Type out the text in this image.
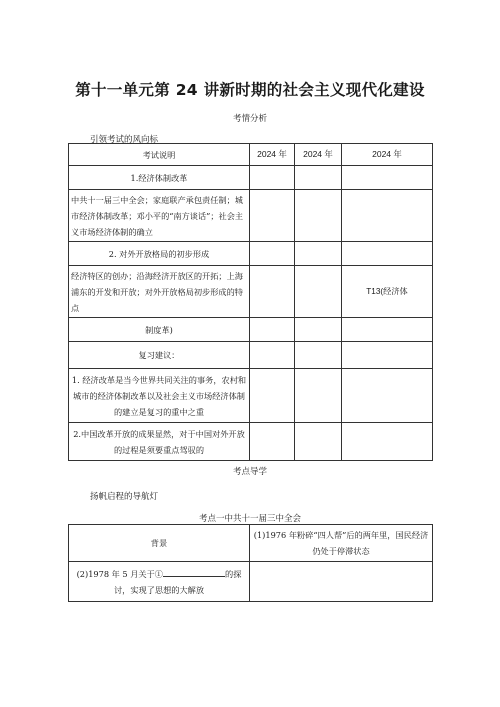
第十一单元第 24 讲新时期的社会主义现代化建设
考情分析
引领考试的风向标
考试说明	2024 年	2024 年	2024 年
1.经济体制改革			
中共十一届三中全会；家庭联产承包责任制；城市经济体制改革；邓小平的“南方谈话”；社会主义市场经济体制的确立			
2. 对外开放格局的初步形成			
经济特区的创办；沿海经济开放区的开拓；上海浦东的开发和开放；对外开放格局初步形成的特点			T13(经济体
制度革)			
复习建议：			
1. 经济改革是当今世界共同关注的事务，农村和城市的经济体制改革以及社会主义市场经济体制的建立是复习的重中之重			
2.中国改革开放的成果显然，对于中国对外开放的过程是须要重点驾驭的			
考点导学
扬帆启程的导航灯
考点一中共十一届三中全会
背景	(1)1976 年粉碎“四人帮”后的两年里，国民经济仍处于停滞状态
(2)1978 年 5 月关于① 的探讨，实现了思想的大解放	
